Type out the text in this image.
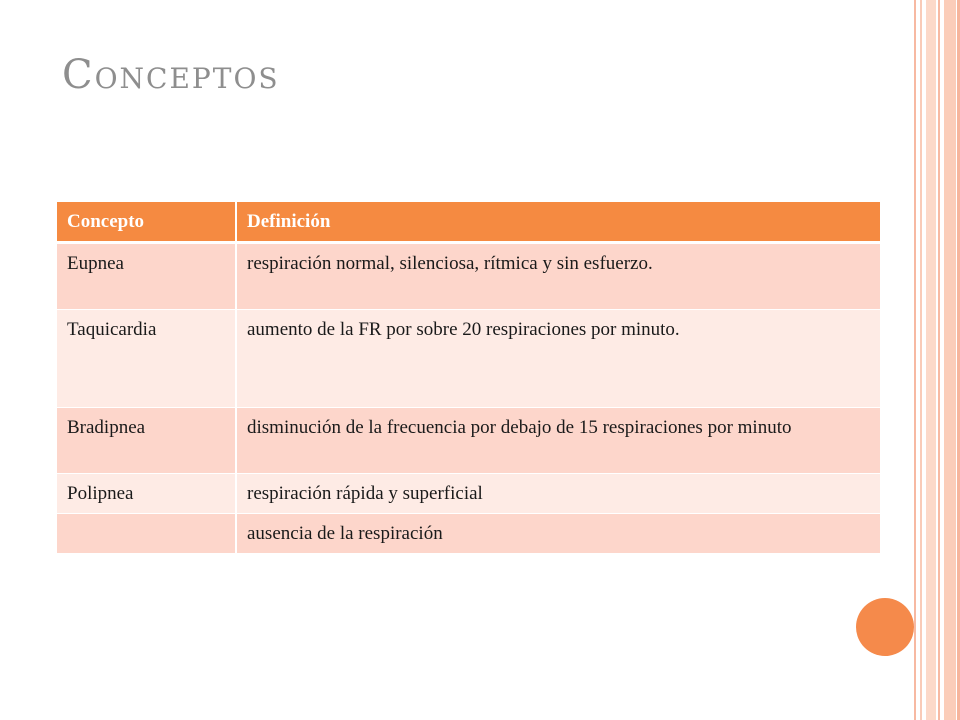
Conceptos
Concepto	Definición
Eupnea	respiración normal, silenciosa, rítmica y sin esfuerzo.
Taquicardia	aumento de la FR por sobre 20 respiraciones por minuto.
Bradipnea	disminución de la frecuencia por debajo de 15 respiraciones por minuto
Polipnea	respiración rápida y superficial
	ausencia de la respiración
